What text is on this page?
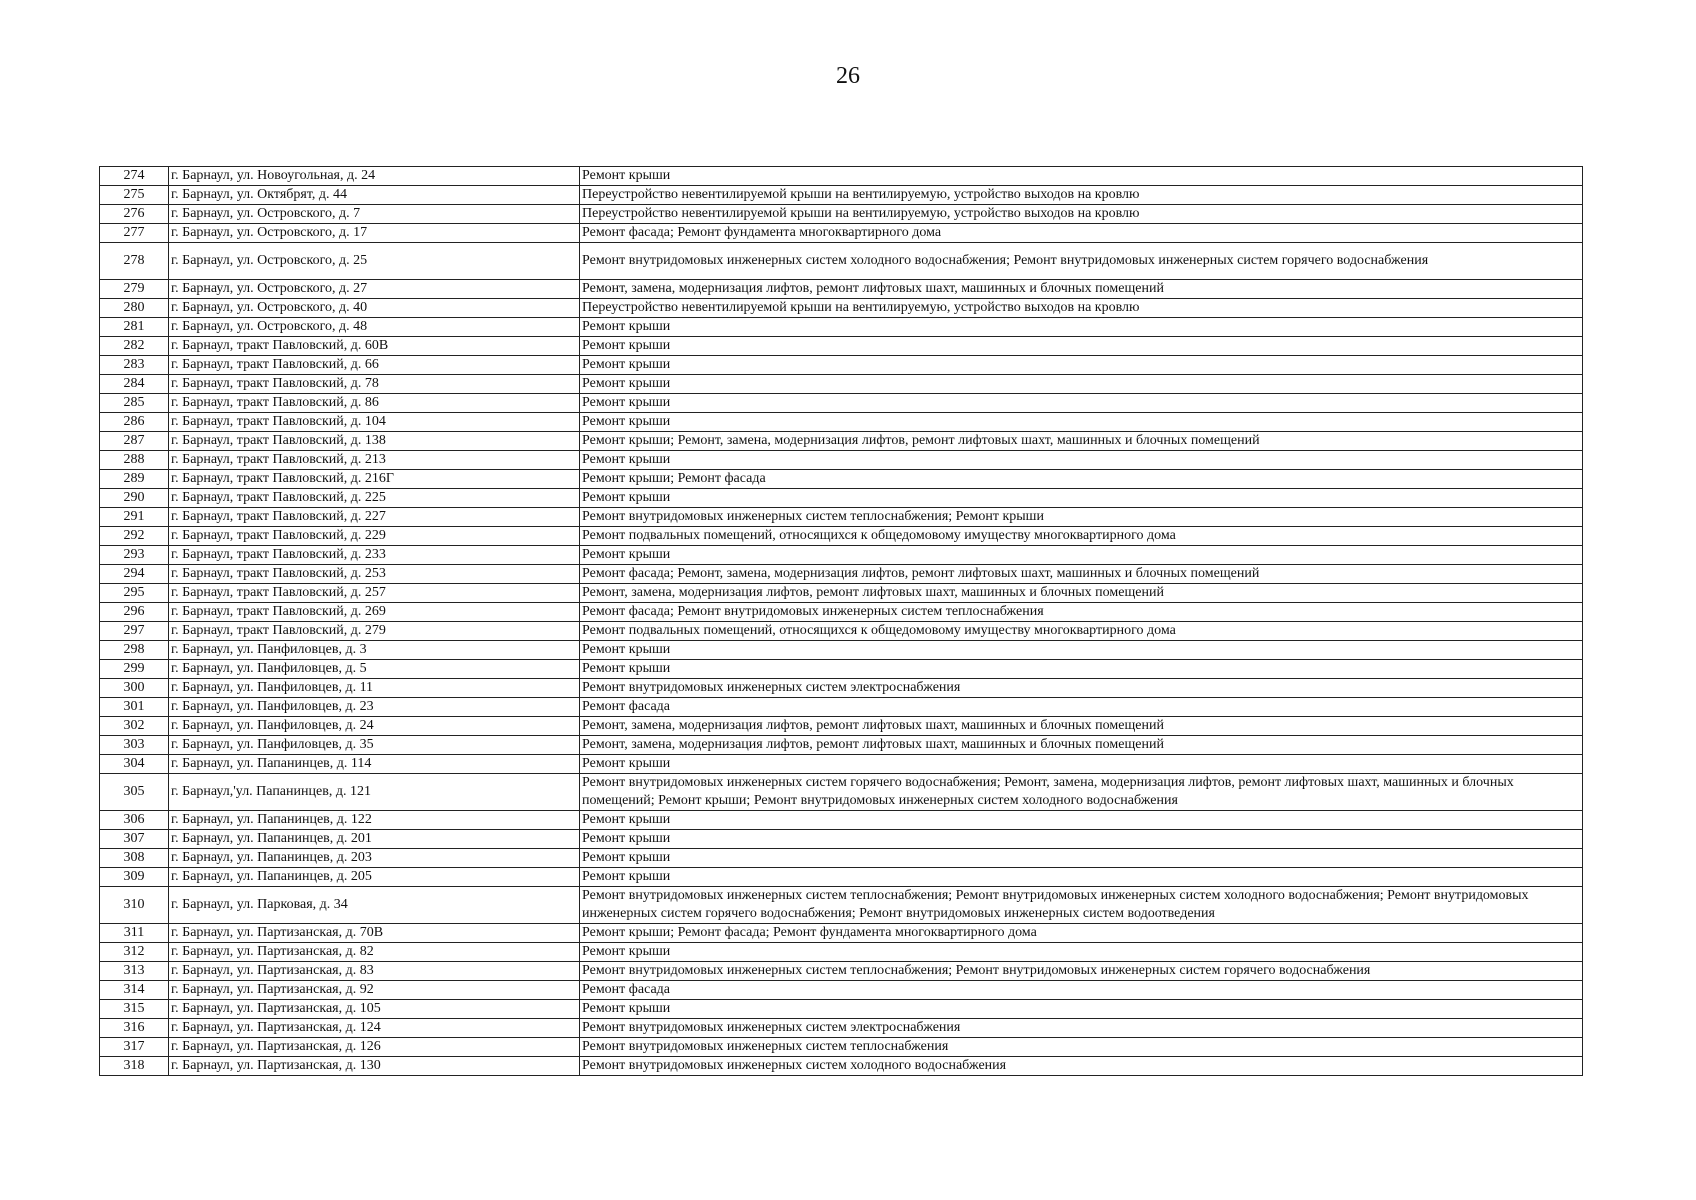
26
274	г. Барнаул, ул. Новоугольная, д. 24	Ремонт крыши
275	г. Барнаул, ул. Октябрят, д. 44	Переустройство невентилируемой крыши на вентилируемую, устройство выходов на кровлю
276	г. Барнаул, ул. Островского, д. 7	Переустройство невентилируемой крыши на вентилируемую, устройство выходов на кровлю
277	г. Барнаул, ул. Островского, д. 17	Ремонт фасада; Ремонт фундамента многоквартирного дома
278	г. Барнаул, ул. Островского, д. 25	Ремонт внутридомовых инженерных систем холодного водоснабжения; Ремонт внутридомовых инженерных систем горячего водоснабжения
279	г. Барнаул, ул. Островского, д. 27	Ремонт, замена, модернизация лифтов, ремонт лифтовых шахт, машинных и блочных помещений
280	г. Барнаул, ул. Островского, д. 40	Переустройство невентилируемой крыши на вентилируемую, устройство выходов на кровлю
281	г. Барнаул, ул. Островского, д. 48	Ремонт крыши
282	г. Барнаул, тракт Павловский, д. 60В	Ремонт крыши
283	г. Барнаул, тракт Павловский, д. 66	Ремонт крыши
284	г. Барнаул, тракт Павловский, д. 78	Ремонт крыши
285	г. Барнаул, тракт Павловский, д. 86	Ремонт крыши
286	г. Барнаул, тракт Павловский, д. 104	Ремонт крыши
287	г. Барнаул, тракт Павловский, д. 138	Ремонт крыши; Ремонт, замена, модернизация лифтов, ремонт лифтовых шахт, машинных и блочных помещений
288	г. Барнаул, тракт Павловский, д. 213	Ремонт крыши
289	г. Барнаул, тракт Павловский, д. 216Г	Ремонт крыши; Ремонт фасада
290	г. Барнаул, тракт Павловский, д. 225	Ремонт крыши
291	г. Барнаул, тракт Павловский, д. 227	Ремонт внутридомовых инженерных систем теплоснабжения; Ремонт крыши
292	г. Барнаул, тракт Павловский, д. 229	Ремонт подвальных помещений, относящихся к общедомовому имуществу многоквартирного дома
293	г. Барнаул, тракт Павловский, д. 233	Ремонт крыши
294	г. Барнаул, тракт Павловский, д. 253	Ремонт фасада; Ремонт, замена, модернизация лифтов, ремонт лифтовых шахт, машинных и блочных помещений
295	г. Барнаул, тракт Павловский, д. 257	Ремонт, замена, модернизация лифтов, ремонт лифтовых шахт, машинных и блочных помещений
296	г. Барнаул, тракт Павловский, д. 269	Ремонт фасада; Ремонт внутридомовых инженерных систем теплоснабжения
297	г. Барнаул, тракт Павловский, д. 279	Ремонт подвальных помещений, относящихся к общедомовому имуществу многоквартирного дома
298	г. Барнаул, ул. Панфиловцев, д. 3	Ремонт крыши
299	г. Барнаул, ул. Панфиловцев, д. 5	Ремонт крыши
300	г. Барнаул, ул. Панфиловцев, д. 11	Ремонт внутридомовых инженерных систем электроснабжения
301	г. Барнаул, ул. Панфиловцев, д. 23	Ремонт фасада
302	г. Барнаул, ул. Панфиловцев, д. 24	Ремонт, замена, модернизация лифтов, ремонт лифтовых шахт, машинных и блочных помещений
303	г. Барнаул, ул. Панфиловцев, д. 35	Ремонт, замена, модернизация лифтов, ремонт лифтовых шахт, машинных и блочных помещений
304	г. Барнаул, ул. Папанинцев, д. 114	Ремонт крыши
305	г. Барнаул,'ул. Папанинцев, д. 121	Ремонт внутридомовых инженерных систем горячего водоснабжения; Ремонт, замена, модернизация лифтов, ремонт лифтовых шахт, машинных и блочных помещений; Ремонт крыши; Ремонт внутридомовых инженерных систем холодного водоснабжения
306	г. Барнаул, ул. Папанинцев, д. 122	Ремонт крыши
307	г. Барнаул, ул. Папанинцев, д. 201	Ремонт крыши
308	г. Барнаул, ул. Папанинцев, д. 203	Ремонт крыши
309	г. Барнаул, ул. Папанинцев, д. 205	Ремонт крыши
310	г. Барнаул, ул. Парковая, д. 34	Ремонт внутридомовых инженерных систем теплоснабжения; Ремонт внутридомовых инженерных систем холодного водоснабжения; Ремонт внутридомовых инженерных систем горячего водоснабжения; Ремонт внутридомовых инженерных систем водоотведения
311	г. Барнаул, ул. Партизанская, д. 70В	Ремонт крыши; Ремонт фасада; Ремонт фундамента многоквартирного дома
312	г. Барнаул, ул. Партизанская, д. 82	Ремонт крыши
313	г. Барнаул, ул. Партизанская, д. 83	Ремонт внутридомовых инженерных систем теплоснабжения; Ремонт внутридомовых инженерных систем горячего водоснабжения
314	г. Барнаул, ул. Партизанская, д. 92	Ремонт фасада
315	г. Барнаул, ул. Партизанская, д. 105	Ремонт крыши
316	г. Барнаул, ул. Партизанская, д. 124	Ремонт внутридомовых инженерных систем электроснабжения
317	г. Барнаул, ул. Партизанская, д. 126	Ремонт внутридомовых инженерных систем теплоснабжения
318	г. Барнаул, ул. Партизанская, д. 130	Ремонт внутридомовых инженерных систем холодного водоснабжения
